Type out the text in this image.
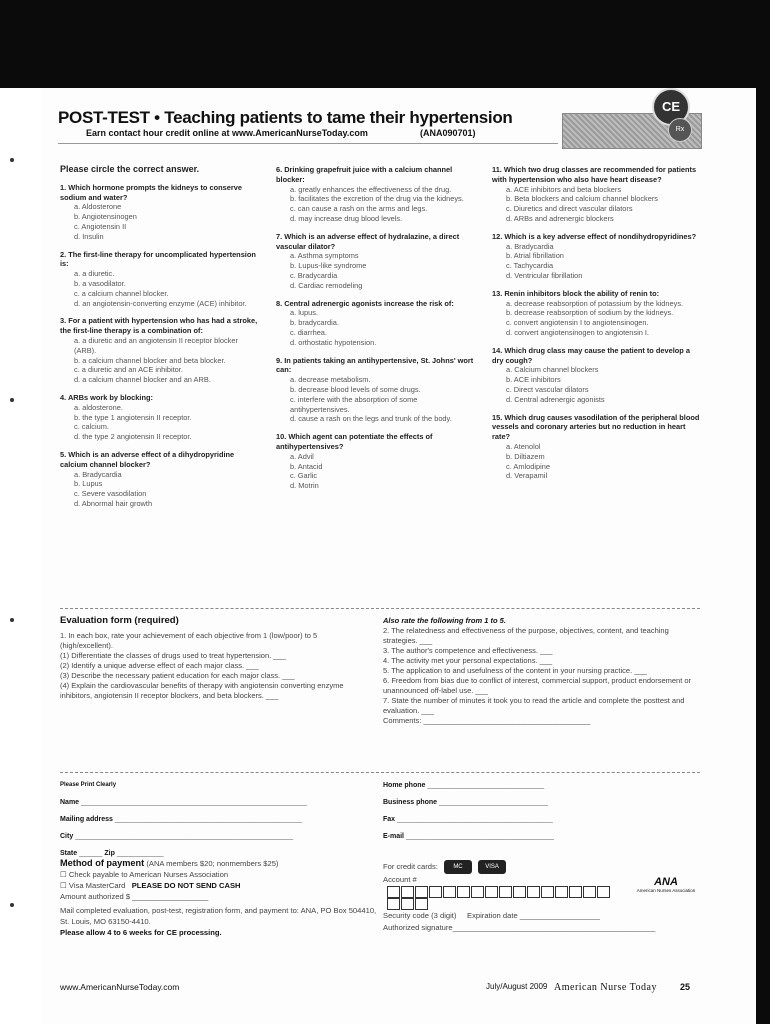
POST-TEST • Teaching patients to tame their hypertension
Earn contact hour credit online at www.AmericanNurseToday.com	(ANA090701)
CE
Rx
Please circle the correct answer.
1. Which hormone prompts the kidneys to conserve sodium and water?
a. Aldosterone
b. Angiotensinogen
c. Angiotensin II
d. Insulin
2. The first-line therapy for uncomplicated hypertension is:
a. a diuretic.
b. a vasodilator.
c. a calcium channel blocker.
d. an angiotensin-converting enzyme (ACE) inhibitor.
3. For a patient with hypertension who has had a stroke, the first-line therapy is a combination of:
a. a diuretic and an angiotensin II receptor blocker (ARB).
b. a calcium channel blocker and beta blocker.
c. a diuretic and an ACE inhibitor.
d. a calcium channel blocker and an ARB.
4. ARBs work by blocking:
a. aldosterone.
b. the type 1 angiotensin II receptor.
c. calcium.
d. the type 2 angiotensin II receptor.
5. Which is an adverse effect of a dihydropyridine calcium channel blocker?
a. Bradycardia
b. Lupus
c. Severe vasodilation
d. Abnormal hair growth
6. Drinking grapefruit juice with a calcium channel blocker:
a. greatly enhances the effectiveness of the drug.
b. facilitates the excretion of the drug via the kidneys.
c. can cause a rash on the arms and legs.
d. may increase drug blood levels.
7. Which is an adverse effect of hydralazine, a direct vascular dilator?
a. Asthma symptoms
b. Lupus-like syndrome
c. Bradycardia
d. Cardiac remodeling
8. Central adrenergic agonists increase the risk of:
a. lupus.
b. bradycardia.
c. diarrhea.
d. orthostatic hypotension.
9. In patients taking an antihypertensive, St. Johns' wort can:
a. decrease metabolism.
b. decrease blood levels of some drugs.
c. interfere with the absorption of some antihypertensives.
d. cause a rash on the legs and trunk of the body.
10. Which agent can potentiate the effects of antihypertensives?
a. Advil
b. Antacid
c. Garlic
d. Motrin
11. Which two drug classes are recommended for patients with hypertension who also have heart disease?
a. ACE inhibitors and beta blockers
b. Beta blockers and calcium channel blockers
c. Diuretics and direct vascular dilators
d. ARBs and adrenergic blockers
12. Which is a key adverse effect of nondihydropyridines?
a. Bradycardia
b. Atrial fibrillation
c. Tachycardia
d. Ventricular fibrillation
13. Renin inhibitors block the ability of renin to:
a. decrease reabsorption of potassium by the kidneys.
b. decrease reabsorption of sodium by the kidneys.
c. convert angiotensin I to angiotensinogen.
d. convert angiotensinogen to angiotensin I.
14. Which drug class may cause the patient to develop a dry cough?
a. Calcium channel blockers
b. ACE inhibitors
c. Direct vascular dilators
d. Central adrenergic agonists
15. Which drug causes vasodilation of the peripheral blood vessels and coronary arteries but no reduction in heart rate?
a. Atenolol
b. Diltiazem
c. Amlodipine
d. Verapamil
Evaluation form (required)
1. In each box, rate your achievement of each objective from 1 (low/poor) to 5 (high/excellent).
(1) Differentiate the classes of drugs used to treat hypertension. ___
(2) Identify a unique adverse effect of each major class. ___
(3) Describe the necessary patient education for each major class. ___
(4) Explain the cardiovascular benefits of therapy with angiotensin converting enzyme inhibitors, angiotensin II receptor blockers, and beta blockers. ___
Also rate the following from 1 to 5.
2. The relatedness and effectiveness of the purpose, objectives, content, and teaching strategies. ___
3. The author's competence and effectiveness. ___
4. The activity met your personal expectations. ___
5. The application to and usefulness of the content in your nursing practice. ___
6. Freedom from bias due to conflict of interest, commercial support, product endorsement or unannounced off-label use. ___
7. State the number of minutes it took you to read the article and complete the posttest and evaluation. ___
Comments: ________________________________________
Please Print Clearly
Name __________________________________________________________
Mailing address ________________________________________________
City ________________________________________________________
State ______ Zip ____________
Home phone ______________________________
Business phone ____________________________
Fax ________________________________________
E-mail ______________________________________
Method of payment (ANA members $20; nonmembers $25)
☐ Check payable to American Nurses Association
☐ Visa MasterCard PLEASE DO NOT SEND CASH
Amount authorized $ __________________
Mail completed evaluation, post-test, registration form, and payment to: ANA, PO Box 504410, St. Louis, MO 63150-4410.
Please allow 4 to 6 weeks for CE processing.
For credit cards:	MC	VISA
Account #
Security code (3 digit) Expiration date ___________________
Authorized signature________________________________________________
ANA
American Nurses Association
www.AmericanNurseToday.com	July/August 2009 American Nurse Today	25
